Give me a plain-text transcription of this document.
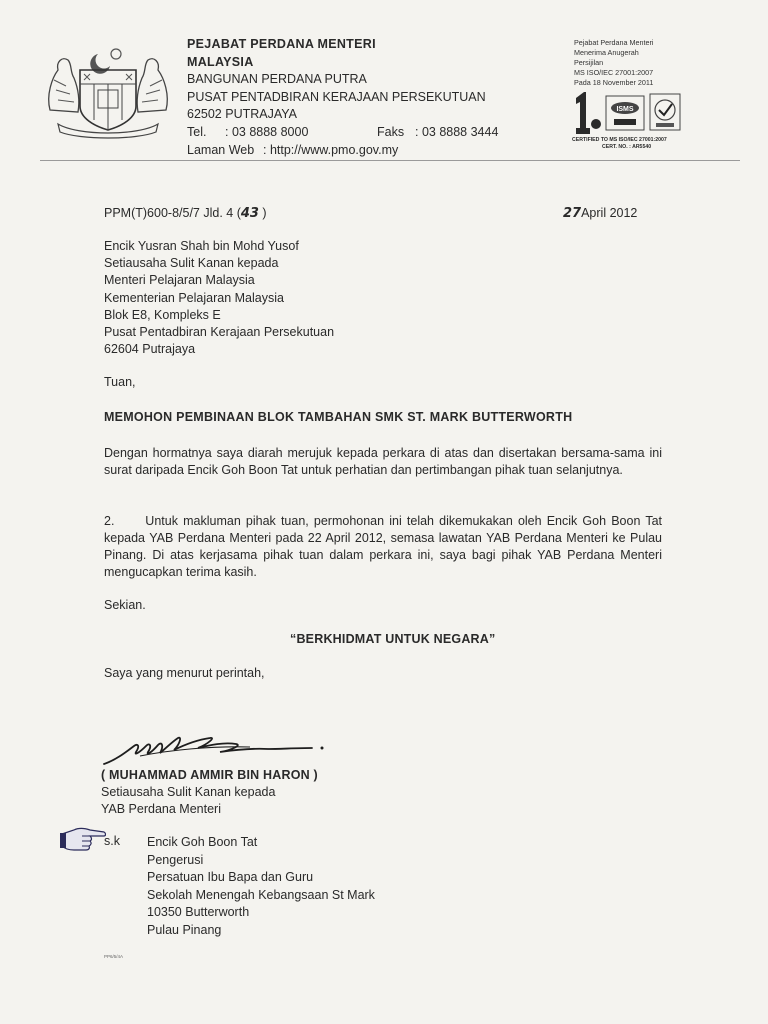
PEJABAT PERDANA MENTERI
MALAYSIA
BANGUNAN PERDANA PUTRA
PUSAT PENTADBIRAN KERAJAAN PERSEKUTUAN
62502 PUTRAJAYA
Tel. : 03 8888 8000	Faks : 03 8888 3444
Laman Web : http://www.pmo.gov.my
Pejabat Perdana Menteri
Menerima Anugerah
Persijilan
MS ISO/IEC 27001:2007
Pada 18 November 2011
ISMS
CERTIFIED TO MS ISO/IEC 27001:2007
CERT. NO. : AR5540
PPM(T)600-8/5/7 Jld. 4 (43 )	27April 2012
Encik Yusran Shah bin Mohd Yusof
Setiausaha Sulit Kanan kepada
Menteri Pelajaran Malaysia
Kementerian Pelajaran Malaysia
Blok E8, Kompleks E
Pusat Pentadbiran Kerajaan Persekutuan
62604 Putrajaya
Tuan,
MEMOHON PEMBINAAN BLOK TAMBAHAN SMK ST. MARK BUTTERWORTH
Dengan hormatnya saya diarah merujuk kepada perkara di atas dan disertakan bersama-sama ini surat daripada Encik Goh Boon Tat untuk perhatian dan pertimbangan pihak tuan selanjutnya.
2.      Untuk makluman pihak tuan, permohonan ini telah dikemukakan oleh Encik Goh Boon Tat kepada YAB Perdana Menteri pada 22 April 2012, semasa lawatan YAB Perdana Menteri ke Pulau Pinang. Di atas kerjasama pihak tuan dalam perkara ini, saya bagi pihak YAB Perdana Menteri mengucapkan terima kasih.
Sekian.
“BERKHIDMAT UNTUK NEGARA”
Saya yang menurut perintah,
( MUHAMMAD AMMIR BIN HARON )
Setiausaha Sulit Kanan kepada
YAB Perdana Menteri
s.k Encik Goh Boon Tat
Pengerusi
Persatuan Ibu Bapa dan Guru
Sekolah Menengah Kebangsaan St Mark
10350 Butterworth
Pulau Pinang
PP6/5/4A
